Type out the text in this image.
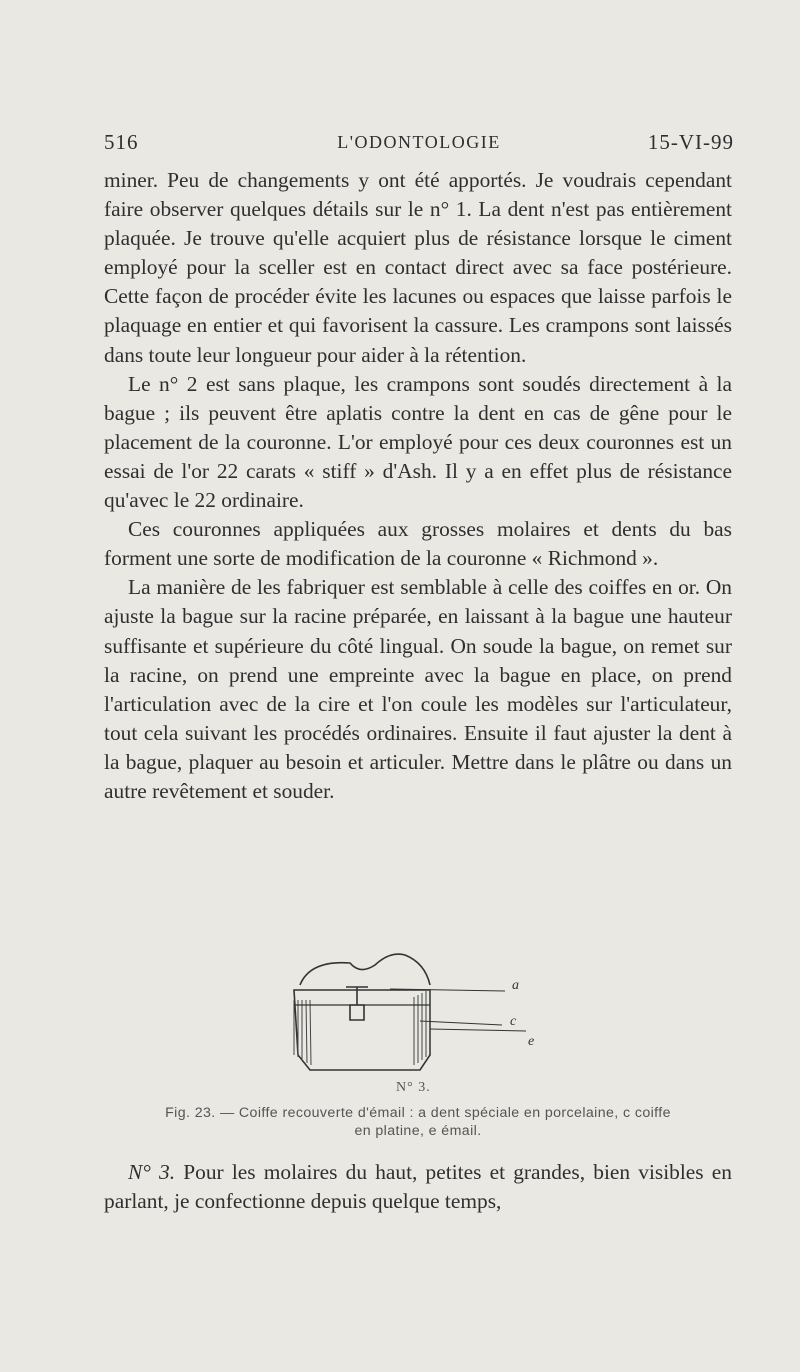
516	L'ODONTOLOGIE	15-VI-99

miner. Peu de changements y ont été apportés. Je voudrais cependant faire observer quelques détails sur le n° 1. La dent n'est pas entièrement plaquée. Je trouve qu'elle acquiert plus de résistance lorsque le ciment employé pour la sceller est en contact direct avec sa face postérieure. Cette façon de procéder évite les lacunes ou espaces que laisse parfois le plaquage en entier et qui favorisent la cassure. Les crampons sont laissés dans toute leur longueur pour aider à la rétention.

Le n° 2 est sans plaque, les crampons sont soudés directement à la bague ; ils peuvent être aplatis contre la dent en cas de gêne pour le placement de la couronne. L'or employé pour ces deux couronnes est un essai de l'or 22 carats « stiff » d'Ash. Il y a en effet plus de résistance qu'avec le 22 ordinaire.

Ces couronnes appliquées aux grosses molaires et dents du bas forment une sorte de modification de la couronne « Richmond ».

La manière de les fabriquer est semblable à celle des coiffes en or. On ajuste la bague sur la racine préparée, en laissant à la bague une hauteur suffisante et supérieure du côté lingual. On soude la bague, on remet sur la racine, on prend une empreinte avec la bague en place, on prend l'articulation avec de la cire et l'on coule les modèles sur l'articulateur, tout cela suivant les procédés ordinaires. Ensuite il faut ajuster la dent à la bague, plaquer au besoin et articuler. Mettre dans le plâtre ou dans un autre revêtement et souder.

a
c
e
N° 3.
Fig. 23. — Coiffe recouverte d'émail : a dent spéciale en porcelaine, c coiffe
en platine, e émail.

N° 3. Pour les molaires du haut, petites et grandes, bien visibles en parlant, je confectionne depuis quelque temps,
